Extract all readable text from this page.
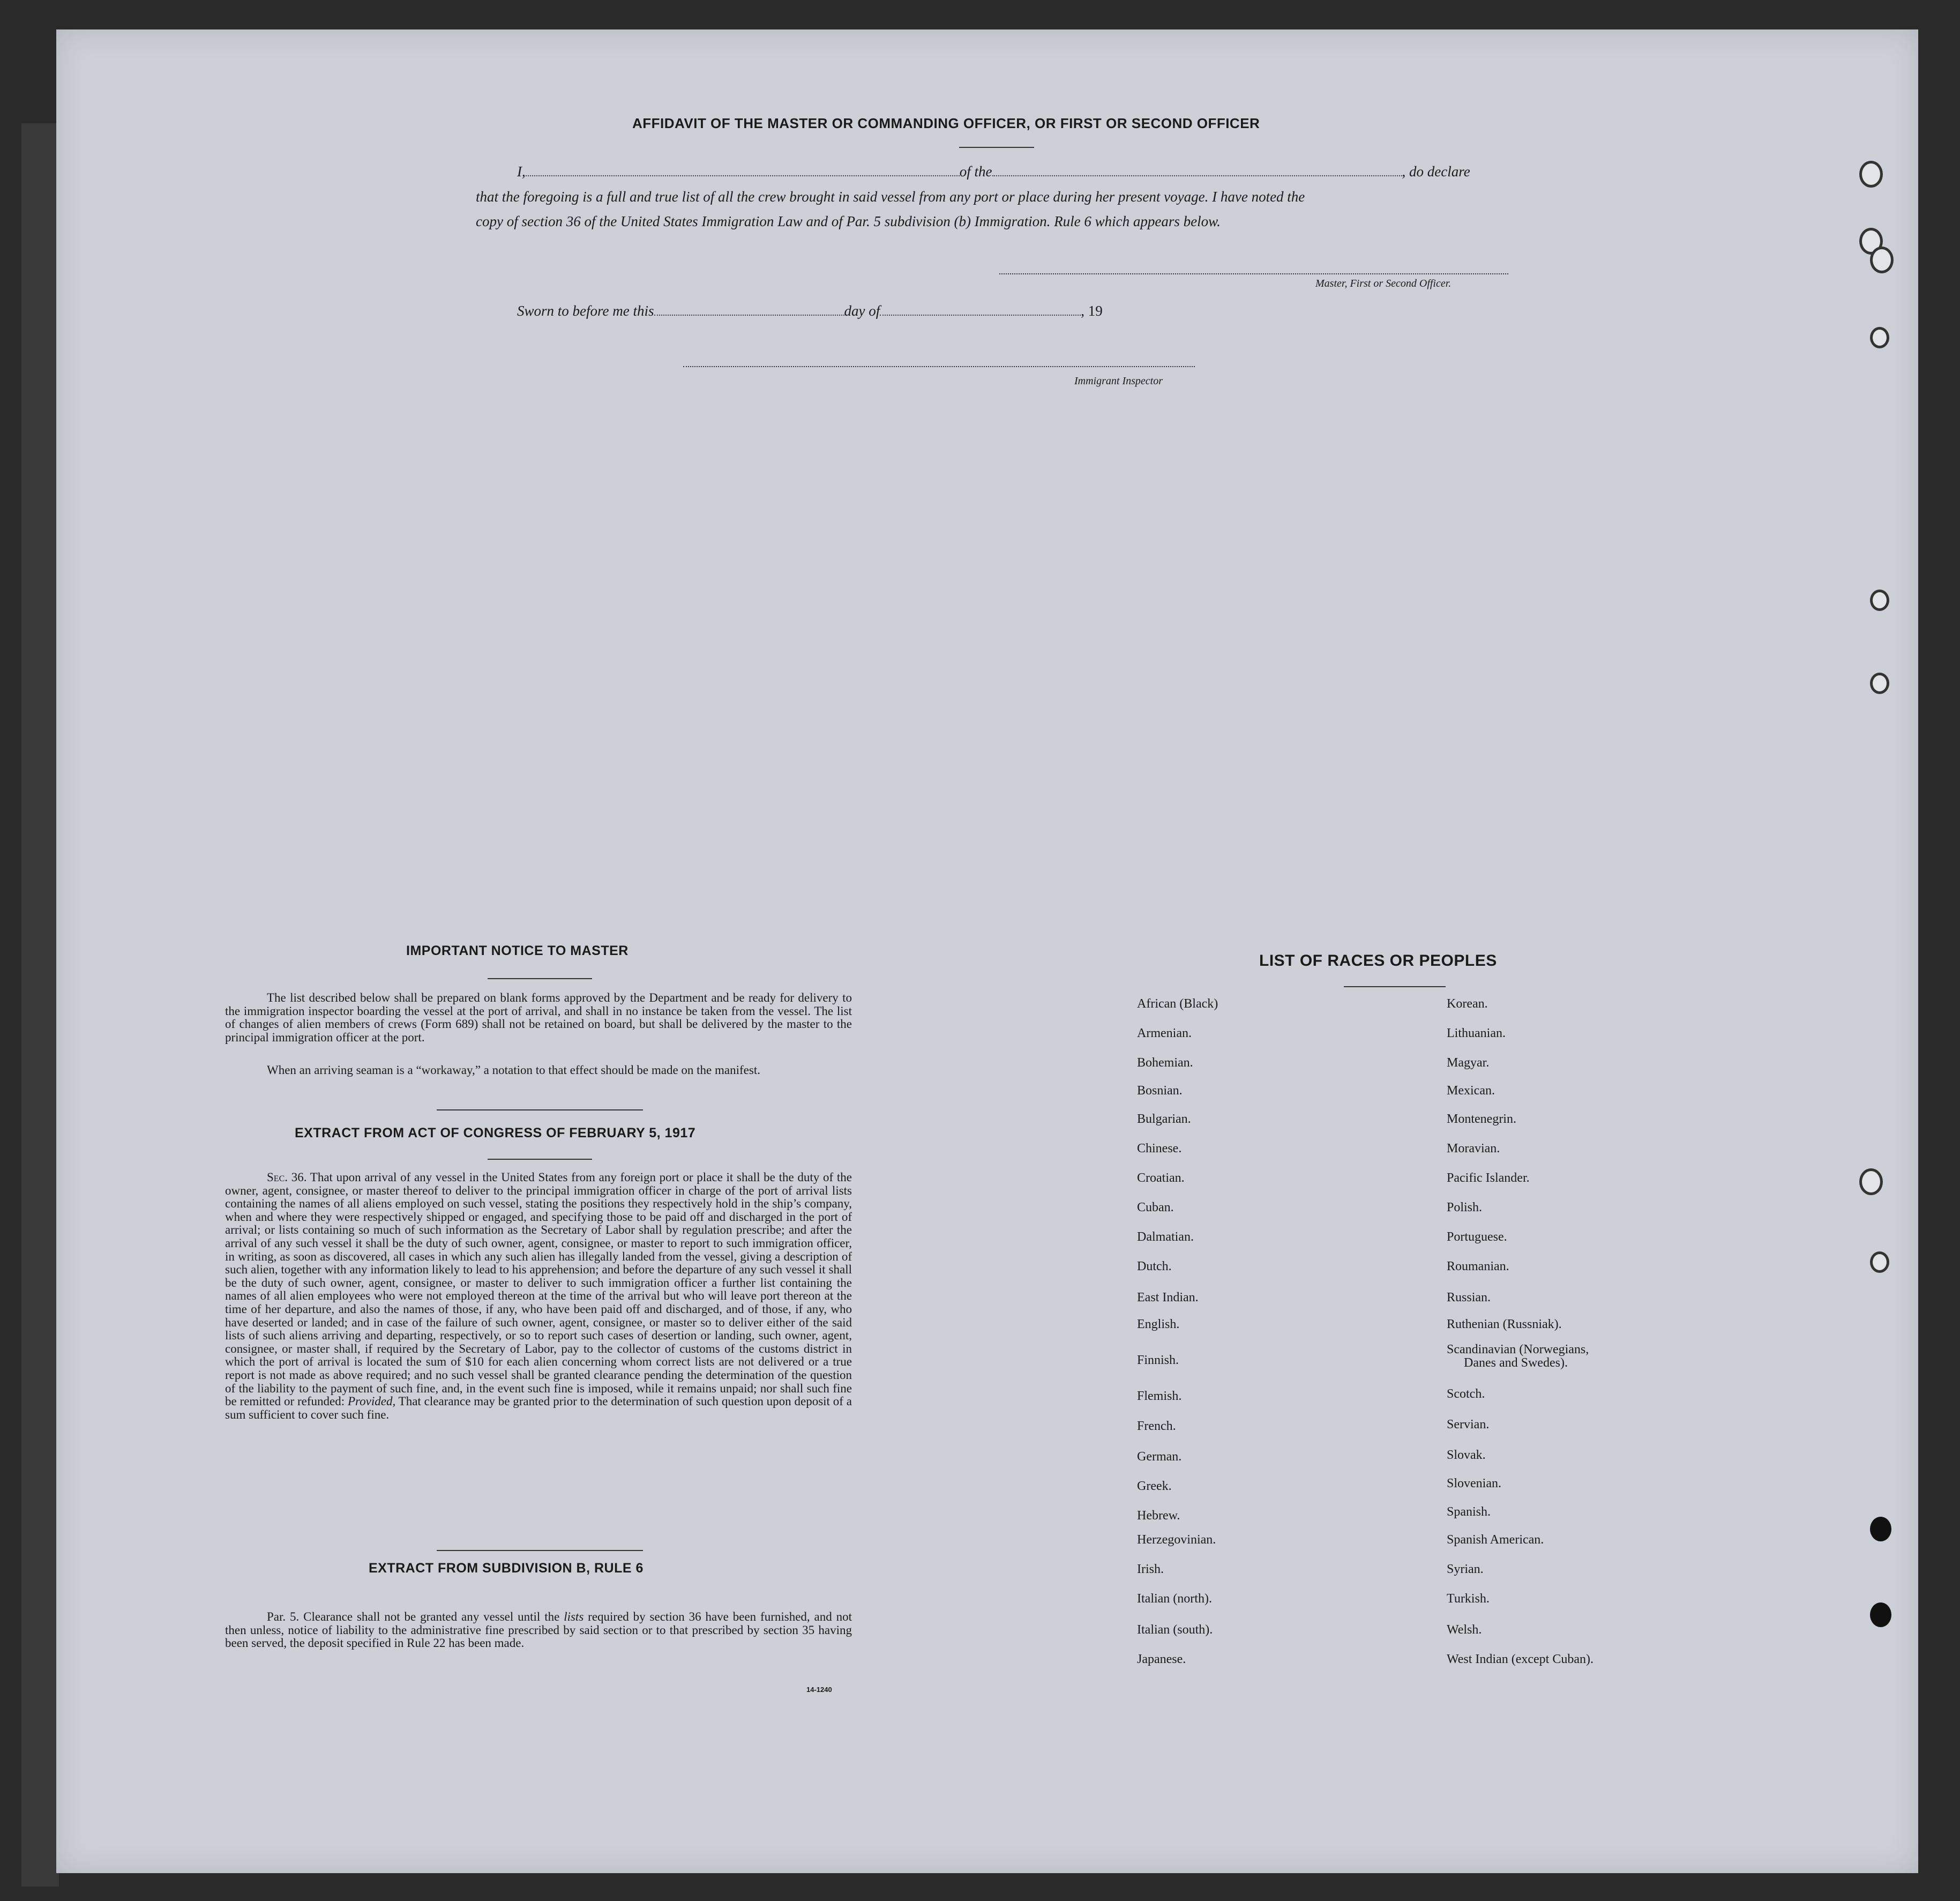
AFFIDAVIT OF THE MASTER OR COMMANDING OFFICER, OR FIRST OR SECOND OFFICER
I,	of the	, do declare
that the foregoing is a full and true list of all the crew brought in said vessel from any port or place during her present voyage. I have noted the
copy of section 36 of the United States Immigration Law and of Par. 5 subdivision (b) Immigration. Rule 6 which appears below.
Master, First or Second Officer.
Sworn to before me this	day of	, 19
Immigrant Inspector
IMPORTANT NOTICE TO MASTER
The list described below shall be prepared on blank forms approved by the Department and be ready for delivery to the immigration inspector boarding the vessel at the port of arrival, and shall in no instance be taken from the vessel. The list of changes of alien members of crews (Form 689) shall not be retained on board, but shall be delivered by the master to the principal immigration officer at the port.
When an arriving seaman is a “workaway,” a notation to that effect should be made on the manifest.
EXTRACT FROM ACT OF CONGRESS OF FEBRUARY 5, 1917
Sec. 36. That upon arrival of any vessel in the United States from any foreign port or place it shall be the duty of the owner, agent, consignee, or master thereof to deliver to the principal immigration officer in charge of the port of arrival lists containing the names of all aliens employed on such vessel, stating the positions they respectively hold in the ship’s company, when and where they were respectively shipped or engaged, and specifying those to be paid off and discharged in the port of arrival; or lists containing so much of such information as the Secretary of Labor shall by regulation prescribe; and after the arrival of any such vessel it shall be the duty of such owner, agent, consignee, or master to report to such immigration officer, in writing, as soon as discovered, all cases in which any such alien has illegally landed from the vessel, giving a description of such alien, together with any information likely to lead to his apprehension; and before the departure of any such vessel it shall be the duty of such owner, agent, consignee, or master to deliver to such immigration officer a further list containing the names of all alien employees who were not employed thereon at the time of the arrival but who will leave port thereon at the time of her departure, and also the names of those, if any, who have been paid off and discharged, and of those, if any, who have deserted or landed; and in case of the failure of such owner, agent, consignee, or master so to deliver either of the said lists of such aliens arriving and departing, respectively, or so to report such cases of desertion or landing, such owner, agent, consignee, or master shall, if required by the Secretary of Labor, pay to the collector of customs of the customs district in which the port of arrival is located the sum of $10 for each alien concerning whom correct lists are not delivered or a true report is not made as above required; and no such vessel shall be granted clearance pending the determination of the question of the liability to the payment of such fine, and, in the event such fine is imposed, while it remains unpaid; nor shall such fine be remitted or refunded: Provided, That clearance may be granted prior to the determination of such question upon deposit of a sum sufficient to cover such fine.
EXTRACT FROM SUBDIVISION B, RULE 6
Par. 5. Clearance shall not be granted any vessel until the lists required by section 36 have been furnished, and not then unless, notice of liability to the administrative fine prescribed by said section or to that prescribed by section 35 having been served, the deposit specified in Rule 22 has been made.
14-1240
LIST OF RACES OR PEOPLES
African (Black)
Armenian.
Bohemian.
Bosnian.
Bulgarian.
Chinese.
Croatian.
Cuban.
Dalmatian.
Dutch.
East Indian.
English.
Finnish.
Flemish.
French.
German.
Greek.
Hebrew.
Herzegovinian.
Irish.
Italian (north).
Italian (south).
Japanese.
Korean.
Lithuanian.
Magyar.
Mexican.
Montenegrin.
Moravian.
Pacific Islander.
Polish.
Portuguese.
Roumanian.
Russian.
Ruthenian (Russniak).
Scandinavian (Norwegians,
Danes and Swedes).
Scotch.
Servian.
Slovak.
Slovenian.
Spanish.
Spanish American.
Syrian.
Turkish.
Welsh.
West Indian (except Cuban).
